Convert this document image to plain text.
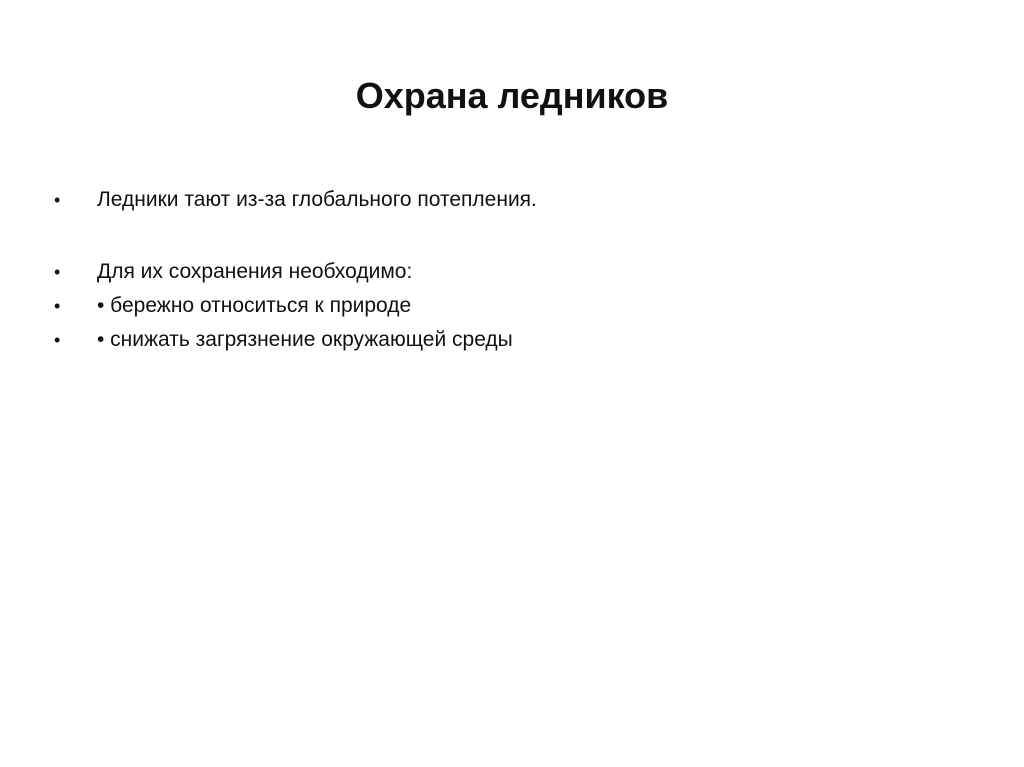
Охрана ледников
•	Ледники тают из-за глобального потепления.
•	Для их сохранения необходимо:
•	• бережно относиться к природе
•	• снижать загрязнение окружающей среды
